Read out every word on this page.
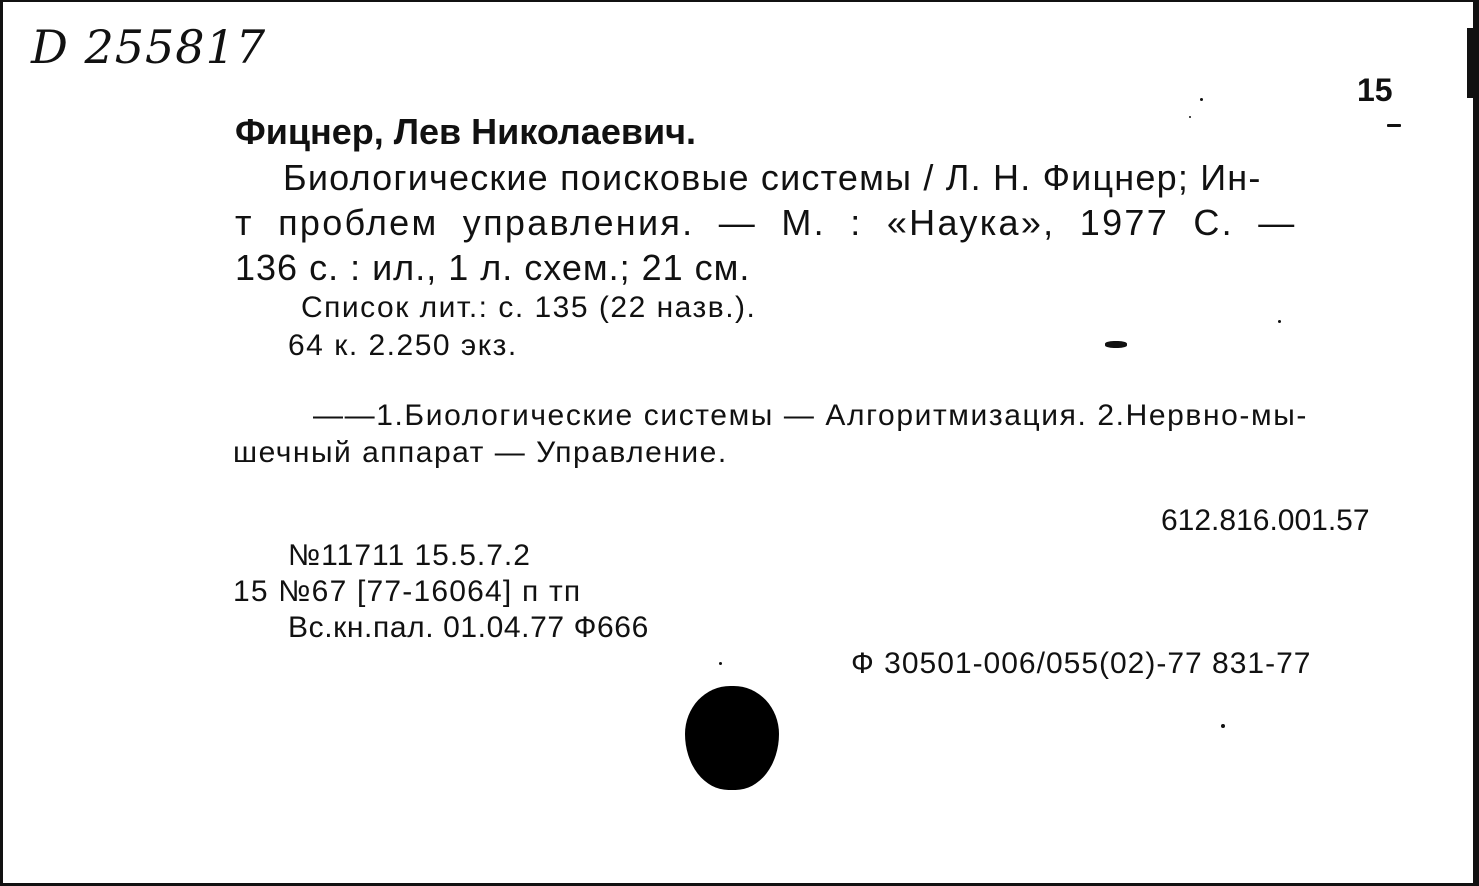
D 255817
15
Фицнер, Лев Николаевич.
Биологические поисковые системы / Л. Н. Фицнер; Ин-
т проблем управления. — М. : «Наука», 1977 С. —
136 с. : ил., 1 л. схем.; 21 см.
Список лит.: с. 135 (22 назв.).
64 к. 2.250 экз.
——1.Биологические системы — Алгоритмизация. 2.Нервно-мы-
шечный аппарат — Управление.
612.816.001.57
№11711 15.5.7.2
15 №67 [77-16064] п тп
Вс.кн.пал. 01.04.77 Ф666
Ф 30501-006/055(02)-77 831-77
